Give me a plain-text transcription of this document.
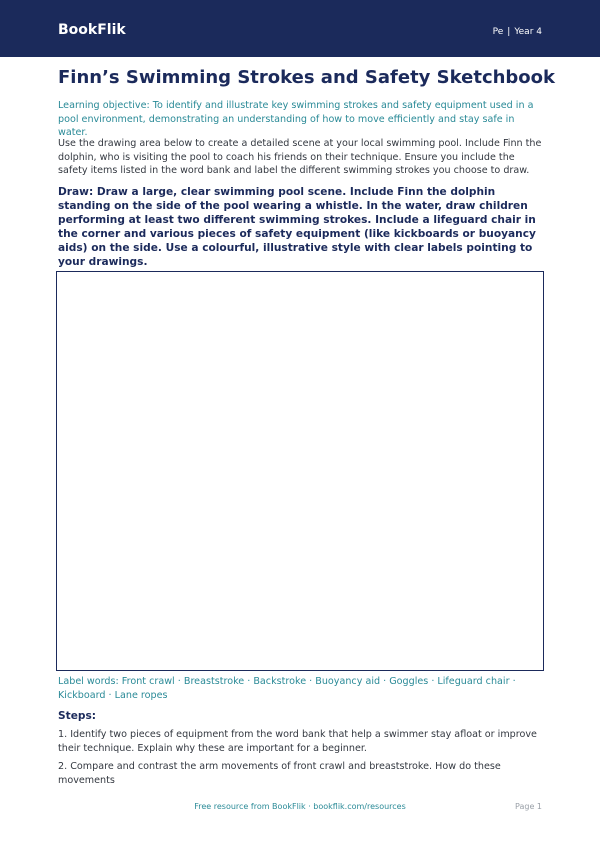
BookFlik	Pe | Year 4
Finn’s Swimming Strokes and Safety Sketchbook

Learning objective: To identify and illustrate key swimming strokes and safety equipment used in a pool environment, demonstrating an understanding of how to move efficiently and stay safe in water.

Use the drawing area below to create a detailed scene at your local swimming pool. Include Finn the dolphin, who is visiting the pool to coach his friends on their technique. Ensure you include the safety items listed in the word bank and label the different swimming strokes you choose to draw.

Draw: Draw a large, clear swimming pool scene. Include Finn the dolphin standing on the side of the pool wearing a whistle. In the water, draw children performing at least two different swimming strokes. Include a lifeguard chair in the corner and various pieces of safety equipment (like kickboards or buoyancy aids) on the side. Use a colourful, illustrative style with clear labels pointing to your drawings.

Label words: Front crawl · Breaststroke · Backstroke · Buoyancy aid · Goggles · Lifeguard chair · Kickboard · Lane ropes

Steps:

1. Identify two pieces of equipment from the word bank that help a swimmer stay afloat or improve their technique. Explain why these are important for a beginner.

2. Compare and contrast the arm movements of front crawl and breaststroke. How do these movements

Free resource from BookFlik · bookflik.com/resources	Page 1
